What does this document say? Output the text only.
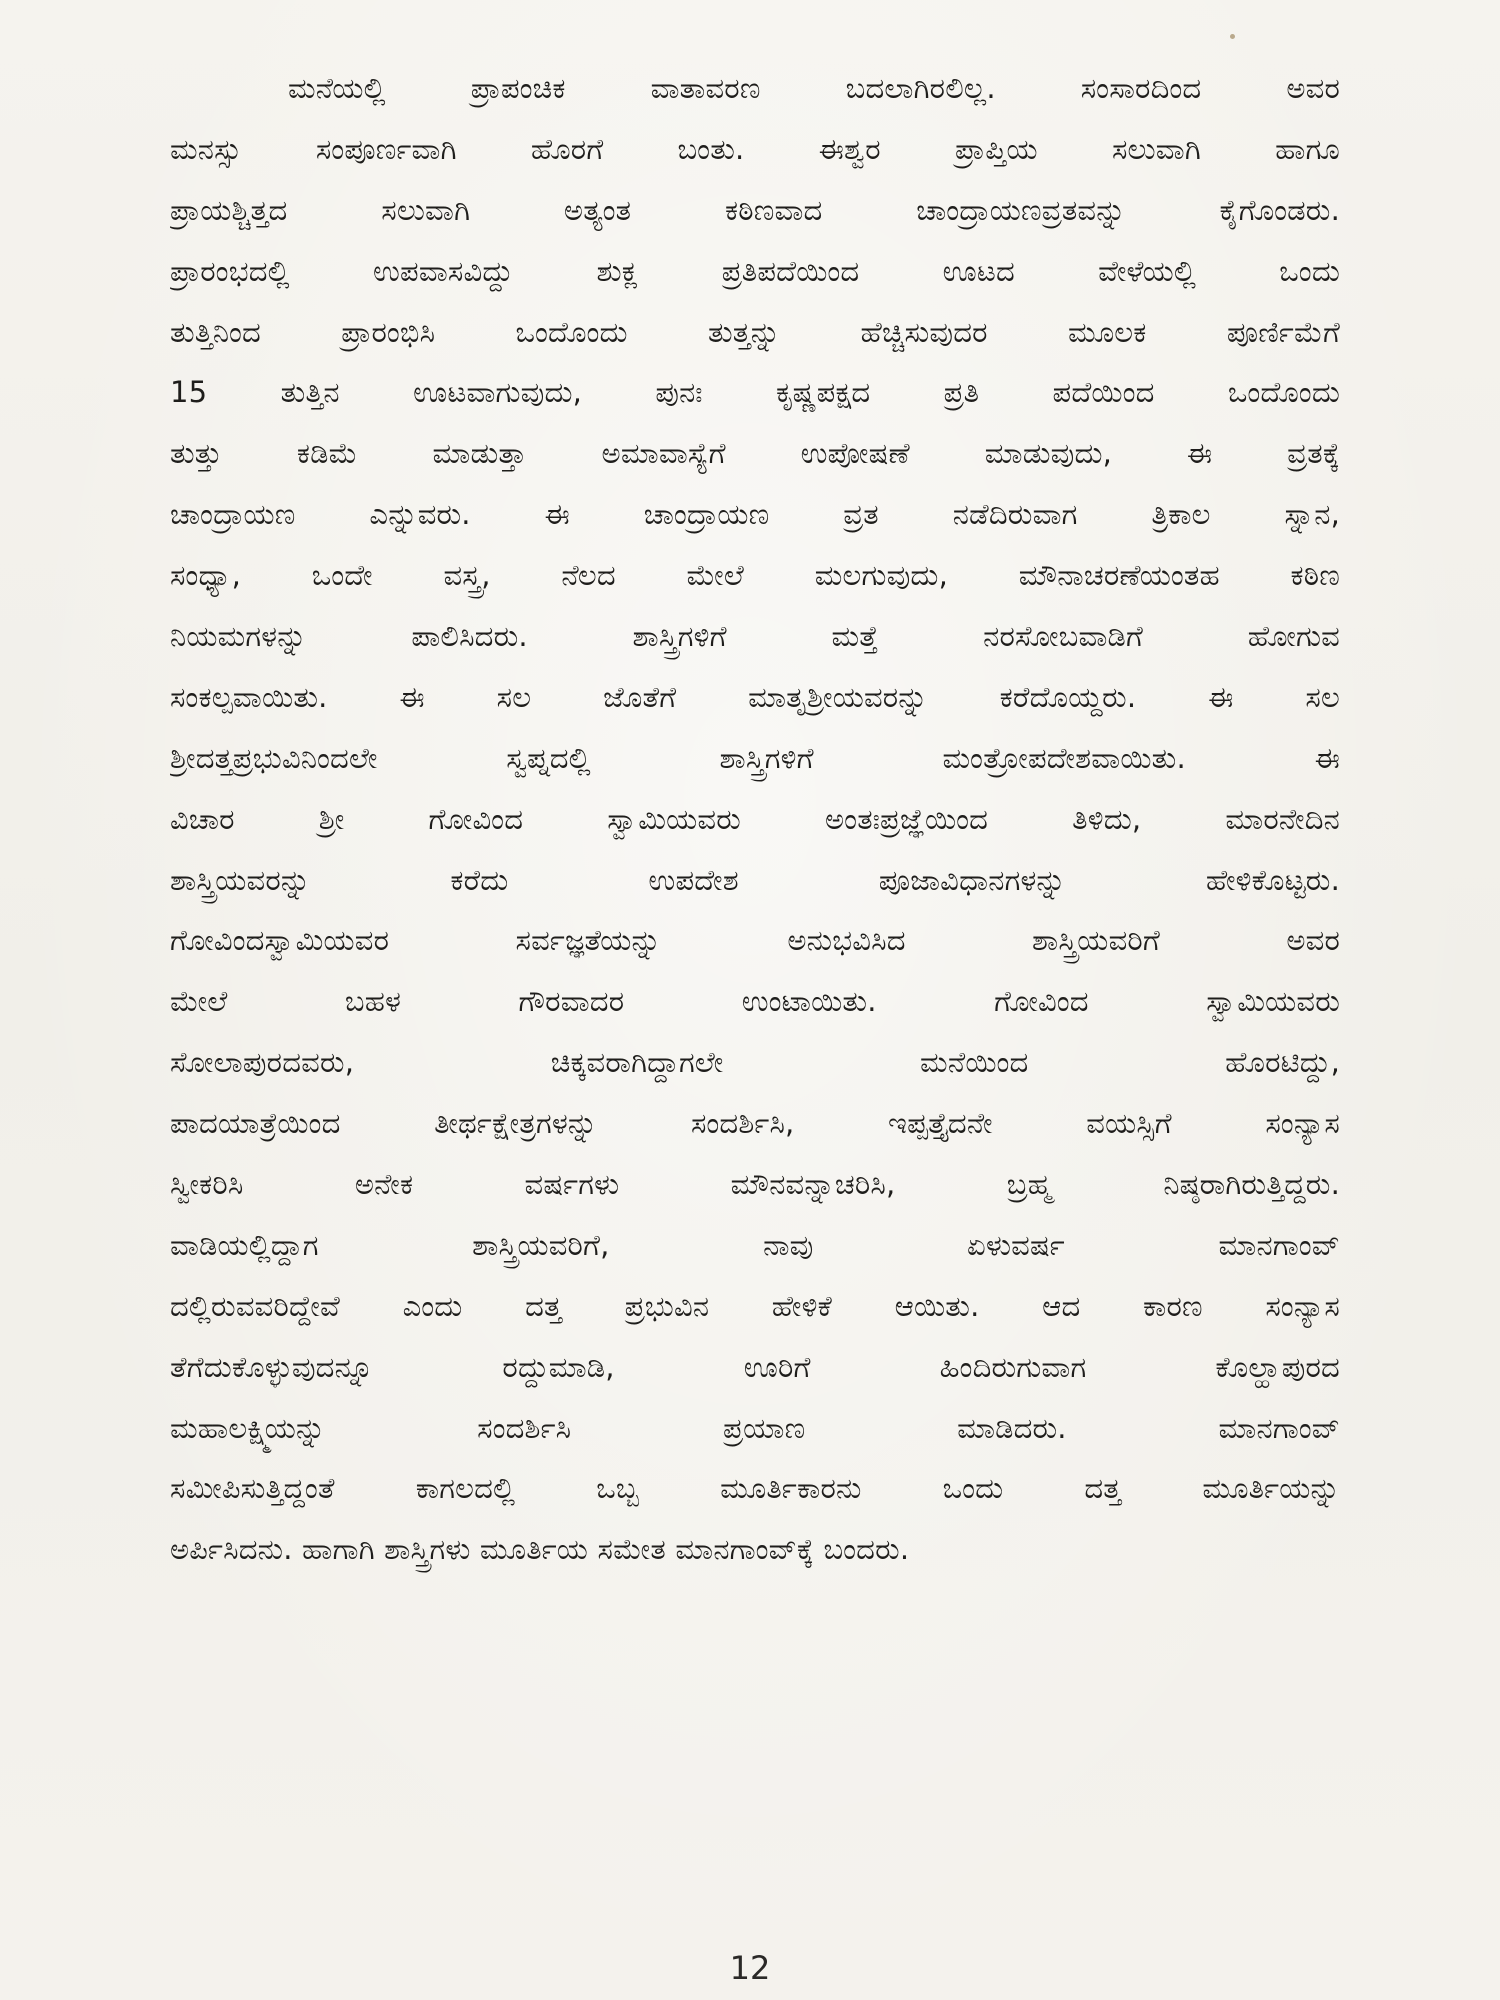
ಮನೆಯಲ್ಲಿ ಪ್ರಾಪಂಚಿಕ ವಾತಾವರಣ ಬದಲಾಗಿರಲಿಲ್ಲ. ಸಂಸಾರದಿಂದ ಅವರ
ಮನಸ್ಸು ಸಂಪೂರ್ಣವಾಗಿ ಹೊರಗೆ ಬಂತು. ಈಶ್ವರ ಪ್ರಾಪ್ತಿಯ ಸಲುವಾಗಿ ಹಾಗೂ
ಪ್ರಾಯಶ್ಚಿತ್ತದ ಸಲುವಾಗಿ ಅತ್ಯಂತ ಕಠಿಣವಾದ ಚಾಂದ್ರಾಯಣವ್ರತವನ್ನು ಕೈಗೊಂಡರು.
ಪ್ರಾರಂಭದಲ್ಲಿ ಉಪವಾಸವಿದ್ದು ಶುಕ್ಲ ಪ್ರತಿಪದೆಯಿಂದ ಊಟದ ವೇಳೆಯಲ್ಲಿ ಒಂದು
ತುತ್ತಿನಿಂದ ಪ್ರಾರಂಭಿಸಿ ಒಂದೊಂದು ತುತ್ತನ್ನು ಹೆಚ್ಚಿಸುವುದರ ಮೂಲಕ ಪೂರ್ಣಿಮೆಗೆ
15 ತುತ್ತಿನ ಊಟವಾಗುವುದು, ಪುನಃ ಕೃಷ್ಣಪಕ್ಷದ ಪ್ರತಿ ಪದೆಯಿಂದ ಒಂದೊಂದು
ತುತ್ತು ಕಡಿಮೆ ಮಾಡುತ್ತಾ ಅಮಾವಾಸ್ಯೆಗೆ ಉಪೋಷಣೆ ಮಾಡುವುದು, ಈ ವ್ರತಕ್ಕೆ
ಚಾಂದ್ರಾಯಣ ಎನ್ನುವರು. ಈ ಚಾಂದ್ರಾಯಣ ವ್ರತ ನಡೆದಿರುವಾಗ ತ್ರಿಕಾಲ ಸ್ನಾನ,
ಸಂಧ್ಯಾ, ಒಂದೇ ವಸ್ತ್ರ, ನೆಲದ ಮೇಲೆ ಮಲಗುವುದು, ಮೌನಾಚರಣೆಯಂತಹ ಕಠಿಣ
ನಿಯಮಗಳನ್ನು ಪಾಲಿಸಿದರು. ಶಾಸ್ತ್ರಿಗಳಿಗೆ ಮತ್ತೆ ನರಸೋಬವಾಡಿಗೆ ಹೋಗುವ
ಸಂಕಲ್ಪವಾಯಿತು. ಈ ಸಲ ಜೊತೆಗೆ ಮಾತೃಶ್ರೀಯವರನ್ನು ಕರೆದೊಯ್ದರು. ಈ ಸಲ
ಶ್ರೀದತ್ತಪ್ರಭುವಿನಿಂದಲೇ ಸ್ವಪ್ನದಲ್ಲಿ ಶಾಸ್ತ್ರಿಗಳಿಗೆ ಮಂತ್ರೋಪದೇಶವಾಯಿತು. ಈ
ವಿಚಾರ ಶ್ರೀ ಗೋವಿಂದ ಸ್ವಾಮಿಯವರು ಅಂತಃಪ್ರಜ್ಞೆಯಿಂದ ತಿಳಿದು, ಮಾರನೇದಿನ
ಶಾಸ್ತ್ರಿಯವರನ್ನು ಕರೆದು ಉಪದೇಶ ಪೂಜಾವಿಧಾನಗಳನ್ನು ಹೇಳಿಕೊಟ್ಟರು.
ಗೋವಿಂದಸ್ವಾಮಿಯವರ ಸರ್ವಜ್ಞತೆಯನ್ನು ಅನುಭವಿಸಿದ ಶಾಸ್ತ್ರಿಯವರಿಗೆ ಅವರ
ಮೇಲೆ ಬಹಳ ಗೌರವಾದರ ಉಂಟಾಯಿತು. ಗೋವಿಂದ ಸ್ವಾಮಿಯವರು
ಸೋಲಾಪುರದವರು, ಚಿಕ್ಕವರಾಗಿದ್ದಾಗಲೇ ಮನೆಯಿಂದ ಹೊರಟಿದ್ದು,
ಪಾದಯಾತ್ರೆಯಿಂದ ತೀರ್ಥಕ್ಷೇತ್ರಗಳನ್ನು ಸಂದರ್ಶಿಸಿ, ಇಪ್ಪತ್ತೈದನೇ ವಯಸ್ಸಿಗೆ ಸಂನ್ಯಾಸ
ಸ್ವೀಕರಿಸಿ ಅನೇಕ ವರ್ಷಗಳು ಮೌನವನ್ನಾಚರಿಸಿ, ಬ್ರಹ್ಮ ನಿಷ್ಠರಾಗಿರುತ್ತಿದ್ದರು.
ವಾಡಿಯಲ್ಲಿದ್ದಾಗ ಶಾಸ್ತ್ರಿಯವರಿಗೆ, ನಾವು ಏಳುವರ್ಷ ಮಾನಗಾಂವ್
ದಲ್ಲಿರುವವರಿದ್ದೇವೆ ಎಂದು ದತ್ತ ಪ್ರಭುವಿನ ಹೇಳಿಕೆ ಆಯಿತು. ಆದ ಕಾರಣ ಸಂನ್ಯಾಸ
ತೆಗೆದುಕೊಳ್ಳುವುದನ್ನೂ ರದ್ದುಮಾಡಿ, ಊರಿಗೆ ಹಿಂದಿರುಗುವಾಗ ಕೊಲ್ಹಾಪುರದ
ಮಹಾಲಕ್ಷ್ಮಿಯನ್ನು ಸಂದರ್ಶಿಸಿ ಪ್ರಯಾಣ ಮಾಡಿದರು. ಮಾನಗಾಂವ್
ಸಮೀಪಿಸುತ್ತಿದ್ದಂತೆ ಕಾಗಲದಲ್ಲಿ ಒಬ್ಬ ಮೂರ್ತಿಕಾರನು ಒಂದು ದತ್ತ ಮೂರ್ತಿಯನ್ನು
ಅರ್ಪಿಸಿದನು. ಹಾಗಾಗಿ ಶಾಸ್ತ್ರಿಗಳು ಮೂರ್ತಿಯ ಸಮೇತ ಮಾನಗಾಂವ್‌ಕ್ಕೆ ಬಂದರು.
12
